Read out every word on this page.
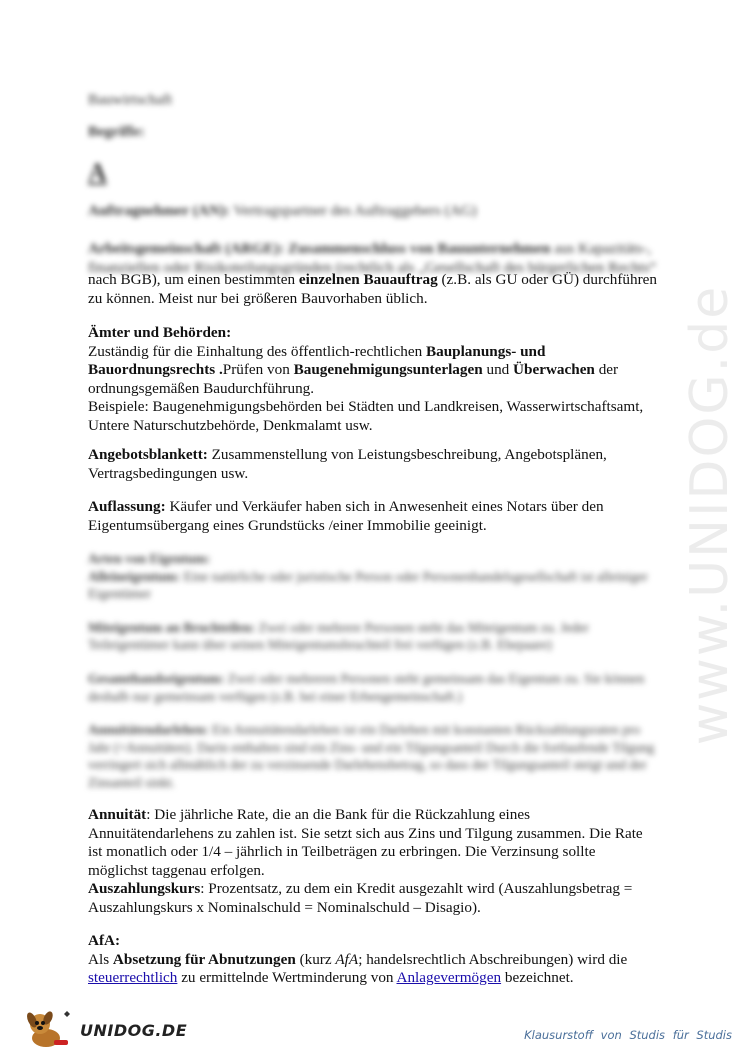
www.UNIDOG.de
Bauwirtschaft
Begriffe:
A
Auftragnehmer (AN): Vertragspartner des Auftraggebers (AG)
Arbeitsgemeinschaft (ARGE): Zusammenschluss von Bauunternehmen aus Kapazitäts-, finanziellen oder Risikoteilungsgründen (rechtlich als „Gesellschaft des bürgerlichen Rechts“
nach BGB), um einen bestimmten einzelnen Bauauftrag (z.B. als GU oder GÜ) durchführen zu können. Meist nur bei größeren Bauvorhaben üblich.
Ämter und Behörden:
Zuständig für die Einhaltung des öffentlich-rechtlichen Bauplanungs- und Bauordnungsrechts .Prüfen von Baugenehmigungsunterlagen und Überwachen der ordnungsgemäßen Baudurchführung.
Beispiele: Baugenehmigungsbehörden bei Städten und Landkreisen, Wasserwirtschaftsamt, Untere Naturschutzbehörde, Denkmalamt usw.
Angebotsblankett: Zusammenstellung von Leistungsbeschreibung, Angebotsplänen, Vertragsbedingungen usw.
Auflassung: Käufer und Verkäufer haben sich in Anwesenheit eines Notars über den Eigentumsübergang eines Grundstücks /einer Immobilie geeinigt.
Arten von Eigentum:
Alleineigentum: Eine natürliche oder juristische Person oder Personenhandelsgesellschaft ist alleiniger Eigentümer
Miteigentum an Bruchteilen: Zwei oder mehrere Personen steht das Miteigentum zu. Jeder Teileigentümer kann über seinen Miteigentumsbruchteil frei verfügen (z.B. Ehepaare)
Gesamthandseigentum: Zwei oder mehreren Personen steht gemeinsam das Eigentum zu. Sie können deshalb nur gemeinsam verfügen (z.B. bei einer Erbengemeinschaft.)
Annuitätendarlehen: Ein Annuitätendarlehen ist ein Darlehen mit konstanten Rückzahlungsraten pro Jahr (=Annuitäten). Darin enthalten sind ein Zins- und ein Tilgungsanteil Durch die fortlaufende Tilgung verringert sich allmählich der zu verzinsende Darlehensbetrag, so dass der Tilgungsanteil steigt und der Zinsanteil sinkt.
Annuität: Die jährliche Rate, die an die Bank für die Rückzahlung eines Annuitätendarlehens zu zahlen ist. Sie setzt sich aus Zins und Tilgung zusammen. Die Rate ist monatlich oder 1/4 – jährlich in Teilbeträgen zu erbringen. Die Verzinsung sollte möglichst taggenau erfolgen.
Auszahlungskurs: Prozentsatz, zu dem ein Kredit ausgezahlt wird (Auszahlungsbetrag = Auszahlungskurs x Nominalschuld = Nominalschuld – Disagio).
AfA:
Als Absetzung für Abnutzungen (kurz AfA; handelsrechtlich Abschreibungen) wird die steuerrechtlich zu ermittelnde Wertminderung von Anlagevermögen bezeichnet.
UNIDOG.DE	Klausurstoff von Studis für Studis
